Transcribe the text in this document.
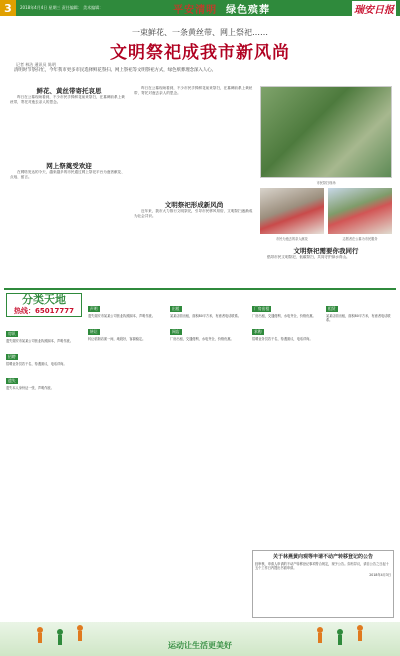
3	2018年4月4日 星期三 责任编辑： 美术编辑：	平安清明 绿色殡葬	瑞安日报
一束鲜花、一条黄丝带、网上祭祀……
文明祭祀成我市新风尚
记者 林洁 通讯员 陈明
清明时节祭扫忙，今年我市更多市民选择鲜花祭扫、网上祭祀等文明祭祀方式，绿色殡葬理念深入人心。
鲜花、黄丝带寄托哀思

昨日在公墓现场看到，不少市民手捧鲜花前来祭扫，在墓碑前系上黄丝带，寄托对逝去亲人的思念。

网上祭奠受欢迎

在网络发达的今天，越来越多的市民通过网上祭祀平台为逝者献花、点烛、留言。

昨日在公墓现场看到，不少市民手捧鲜花前来祭扫，在墓碑前系上黄丝带，寄托对逝去亲人的思念。

文明祭祀形成新风尚

近年来，我市大力推行文明祭祀，引导市民移风易俗，文明祭扫逐渐成为社会共识。

市民祭扫现场
市民为逝去的亲人献花	志愿者在公墓为市民服务
文明祭祀需要你我同行

倡导市民文明祭祀、低碳祭扫，共同守护绿水青山。

分类天地
热线：65017777
房讯
遗失瑞安市某某公司营业执照副本，声明作废。
招聘
招聘业务员若干名，待遇面议，电话详询。
遗失
遗失本人身份证一张，声明作废。
声明
遗失瑞安市某某公司营业执照副本，声明作废。
转让
转让临街店面一间，地段好，客源稳定。
出租
某某店面出租，面积80平方米，有意者电话联系。
网店
厂房出租，交通便利，水电齐全，价格优惠。
厂房出租
厂房出租，交通便利，水电齐全，价格优惠。
求购
招聘业务员若干名，待遇面议，电话详询。
租赁
某某店面出租，面积80平方米，有意者电话联系。
关于林燕黄向观等申请不动产转移登记的公告
经审核，申请人申请的不动产转移登记事项符合规定，现予公告。如有异议，请自公告之日起十五个工作日内提出书面申请。
2018年4月3日
运动让生活更美好
